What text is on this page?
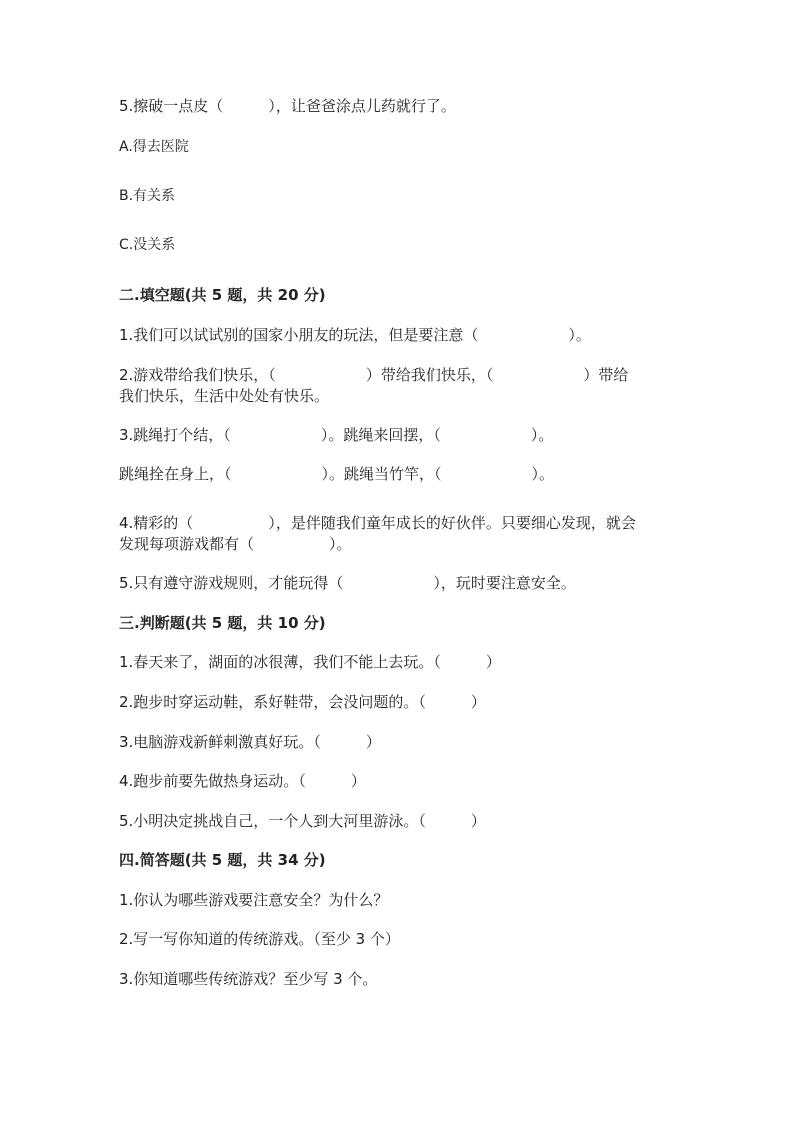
5.擦破一点皮（　　　），让爸爸涂点儿药就行了。
A.得去医院
B.有关系
C.没关系
二.填空题(共 5 题，共 20 分)
1.我们可以试试别的国家小朋友的玩法，但是要注意（　　　　　　）。
2.游戏带给我们快乐，（　　　　　　）带给我们快乐，（　　　　　　）带给
我们快乐，生活中处处有快乐。
3.跳绳打个结，（　　　　　　）。跳绳来回摆，（　　　　　　）。
跳绳拴在身上，（　　　　　　）。跳绳当竹竿，（　　　　　　）。
4.精彩的（　　　　　），是伴随我们童年成长的好伙伴。只要细心发现，就会
发现每项游戏都有（　　　　　）。
5.只有遵守游戏规则，才能玩得（　　　　　　），玩时要注意安全。
三.判断题(共 5 题，共 10 分)
1.春天来了，湖面的冰很薄，我们不能上去玩。（　　　）
2.跑步时穿运动鞋，系好鞋带，会没问题的。（　　　）
3.电脑游戏新鲜刺激真好玩。（　　　）
4.跑步前要先做热身运动。（　　　）
5.小明决定挑战自己，一个人到大河里游泳。（　　　）
四.简答题(共 5 题，共 34 分)
1.你认为哪些游戏要注意安全？为什么？
2.写一写你知道的传统游戏。（至少 3 个）
3.你知道哪些传统游戏？至少写 3 个。
